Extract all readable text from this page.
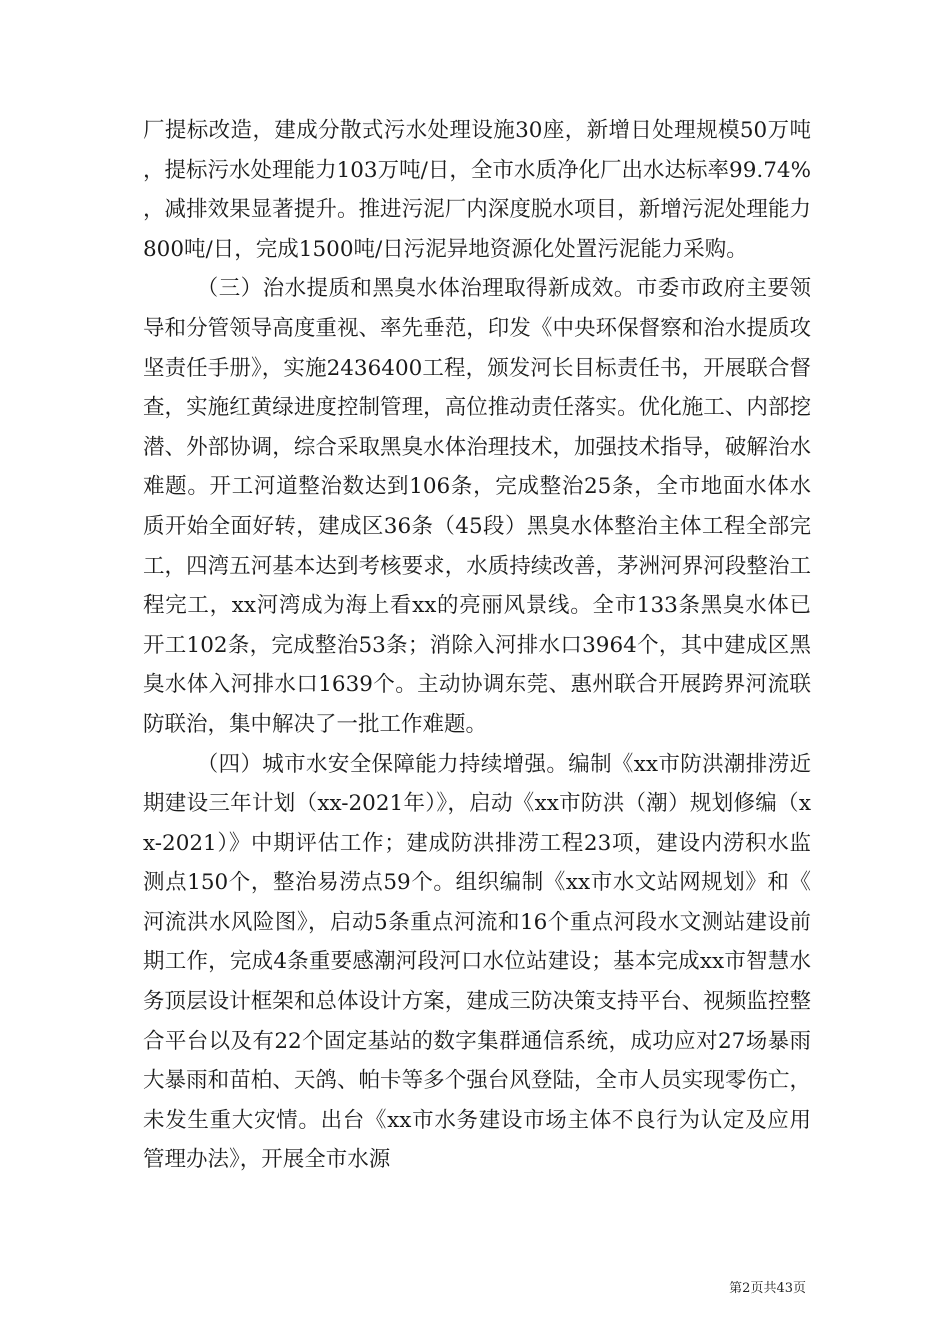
厂提标改造，建成分散式污水处理设施30座，新增日处理规模50万吨，提标污水处理能力103万吨/日，全市水质净化厂出水达标率99.74%，减排效果显著提升。推进污泥厂内深度脱水项目，新增污泥处理能力800吨/日，完成1500吨/日污泥异地资源化处置污泥能力采购。

（三）治水提质和黑臭水体治理取得新成效。市委市政府主要领导和分管领导高度重视、率先垂范，印发《中央环保督察和治水提质攻坚责任手册》，实施2436400工程，颁发河长目标责任书，开展联合督查，实施红黄绿进度控制管理，高位推动责任落实。优化施工、内部挖潜、外部协调，综合采取黑臭水体治理技术，加强技术指导，破解治水难题。开工河道整治数达到106条，完成整治25条，全市地面水体水质开始全面好转，建成区36条（45段）黑臭水体整治主体工程全部完工，四湾五河基本达到考核要求，水质持续改善，茅洲河界河段整治工程完工，xx河湾成为海上看xx的亮丽风景线。全市133条黑臭水体已开工102条，完成整治53条；消除入河排水口3964个，其中建成区黑臭水体入河排水口1639个。主动协调东莞、惠州联合开展跨界河流联防联治，集中解决了一批工作难题。

（四）城市水安全保障能力持续增强。编制《xx市防洪潮排涝近期建设三年计划（xx-2021年）》，启动《xx市防洪（潮）规划修编（xx-2021）》中期评估工作；建成防洪排涝工程23项，建设内涝积水监测点150个，整治易涝点59个。组织编制《xx市水文站网规划》和《河流洪水风险图》，启动5条重点河流和16个重点河段水文测站建设前期工作，完成4条重要感潮河段河口水位站建设；基本完成xx市智慧水务顶层设计框架和总体设计方案，建成三防决策支持平台、视频监控整合平台以及有22个固定基站的数字集群通信系统，成功应对27场暴雨大暴雨和苗柏、天鸽、帕卡等多个强台风登陆，全市人员实现零伤亡，未发生重大灾情。出台《xx市水务建设市场主体不良行为认定及应用管理办法》，开展全市水源

第2页共43页
